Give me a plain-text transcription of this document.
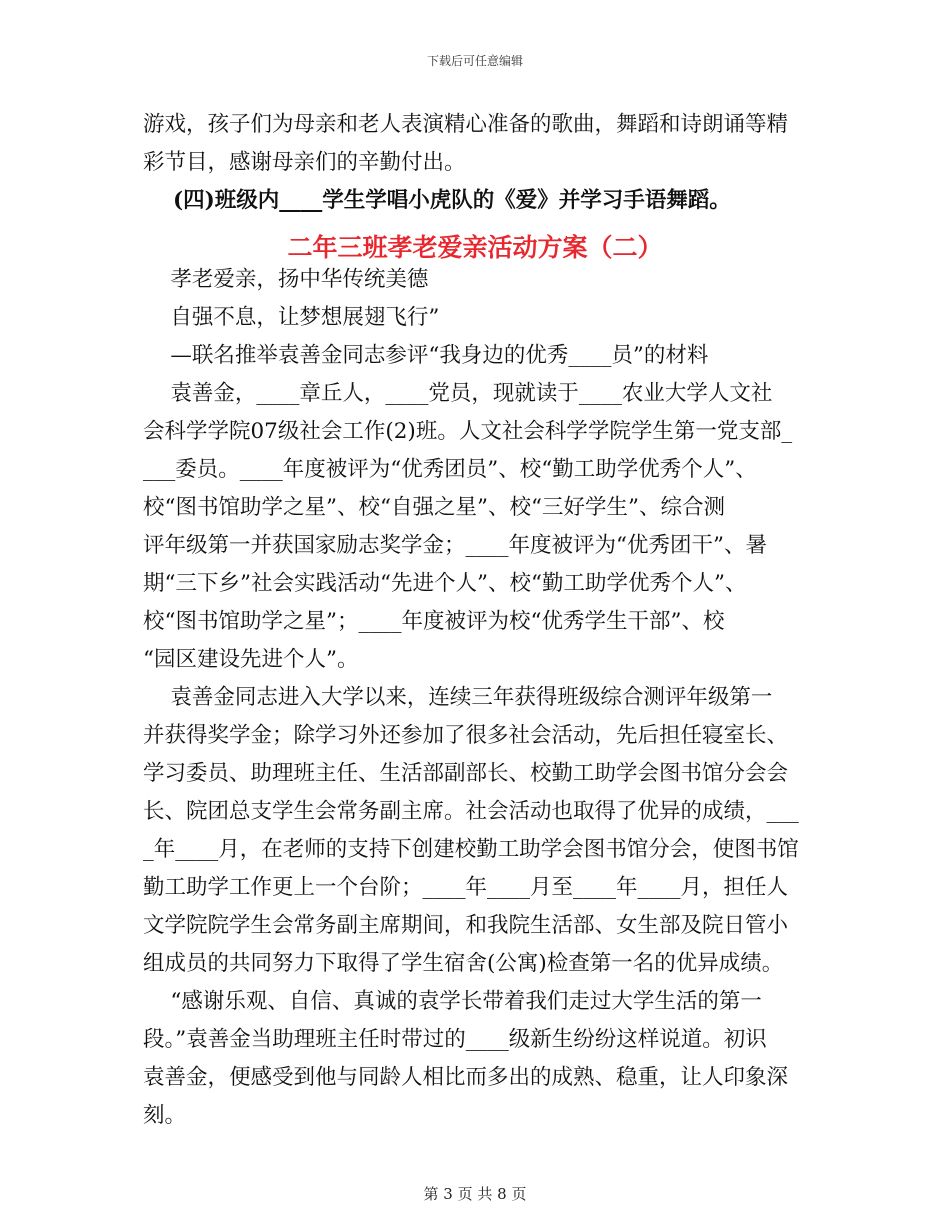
下载后可任意编辑
游戏，孩子们为母亲和老人表演精心准备的歌曲，舞蹈和诗朗诵等精
彩节目，感谢母亲们的辛勤付出。
(四)班级内____学生学唱小虎队的《爱》并学习手语舞蹈。
二年三班孝老爱亲活动方案（二）
孝老爱亲，扬中华传统美德
自强不息，让梦想展翅飞行”
—联名推举袁善金同志参评“我身边的优秀____员”的材料
袁善金，____章丘人，____党员，现就读于____农业大学人文社
会科学学院07级社会工作(2)班。人文社会科学学院学生第一党支部_
___委员。____年度被评为“优秀团员”、校“勤工助学优秀个人”、
校“图书馆助学之星”、校“自强之星”、校“三好学生”、综合测
评年级第一并获国家励志奖学金；____年度被评为“优秀团干”、暑
期“三下乡”社会实践活动“先进个人”、校“勤工助学优秀个人”、
校“图书馆助学之星”；____年度被评为校“优秀学生干部”、校
“园区建设先进个人”。
袁善金同志进入大学以来，连续三年获得班级综合测评年级第一
并获得奖学金；除学习外还参加了很多社会活动，先后担任寝室长、
学习委员、助理班主任、生活部副部长、校勤工助学会图书馆分会会
长、院团总支学生会常务副主席。社会活动也取得了优异的成绩，___
_年____月，在老师的支持下创建校勤工助学会图书馆分会，使图书馆
勤工助学工作更上一个台阶；____年____月至____年____月，担任人
文学院院学生会常务副主席期间，和我院生活部、女生部及院日管小
组成员的共同努力下取得了学生宿舍(公寓)检查第一名的优异成绩。
“感谢乐观、自信、真诚的袁学长带着我们走过大学生活的第一
段。”袁善金当助理班主任时带过的____级新生纷纷这样说道。初识
袁善金，便感受到他与同龄人相比而多出的成熟、稳重，让人印象深
刻。
第 3 页 共 8 页
